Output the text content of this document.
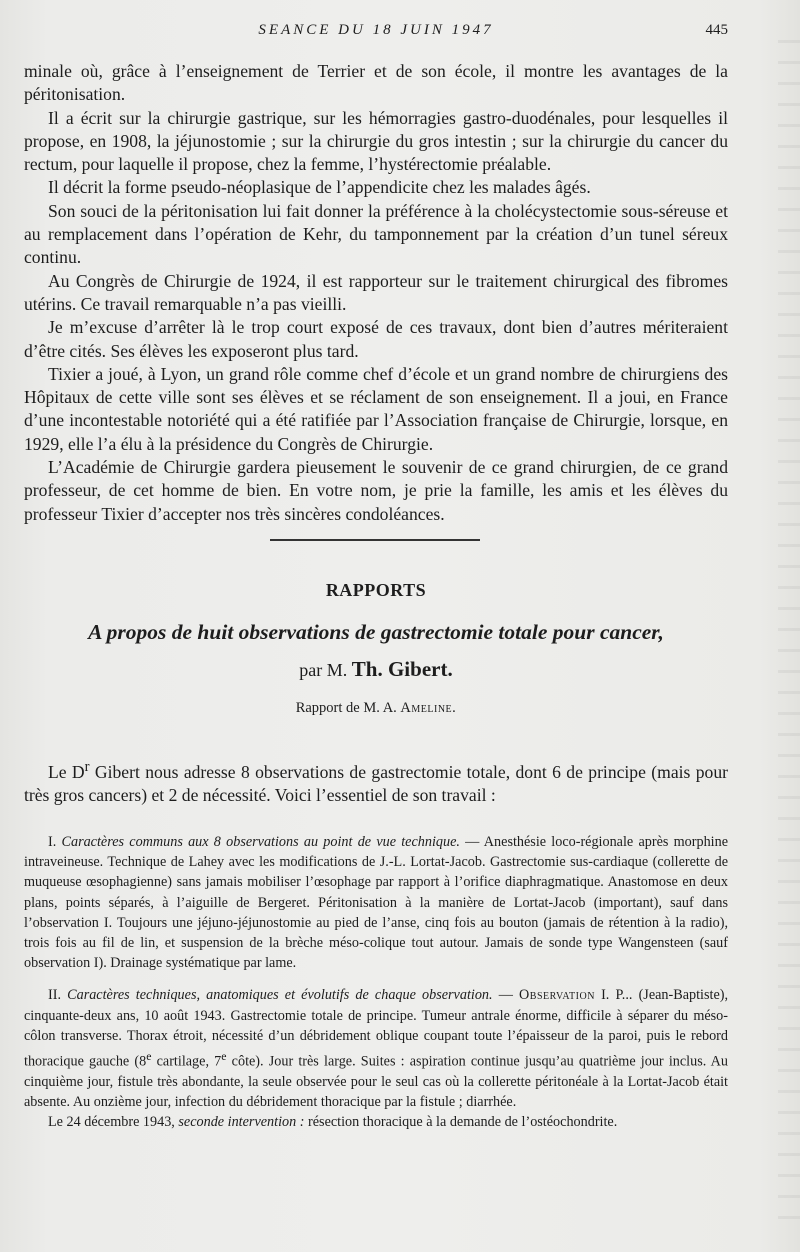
SEANCE DU 18 JUIN 1947	445

minale où, grâce à l’enseignement de Terrier et de son école, il montre les avantages de la péritonisation.

Il a écrit sur la chirurgie gastrique, sur les hémorragies gastro-duodénales, pour lesquelles il propose, en 1908, la jéjunostomie ; sur la chirurgie du gros intestin ; sur la chirurgie du cancer du rectum, pour laquelle il propose, chez la femme, l’hystérectomie préalable.

Il décrit la forme pseudo-néoplasique de l’appendicite chez les malades âgés.

Son souci de la péritonisation lui fait donner la préférence à la cholécystectomie sous-séreuse et au remplacement dans l’opération de Kehr, du tamponnement par la création d’un tunel séreux continu.

Au Congrès de Chirurgie de 1924, il est rapporteur sur le traitement chirurgical des fibromes utérins. Ce travail remarquable n’a pas vieilli.

Je m’excuse d’arrêter là le trop court exposé de ces travaux, dont bien d’autres mériteraient d’être cités. Ses élèves les exposeront plus tard.

Tixier a joué, à Lyon, un grand rôle comme chef d’école et un grand nombre de chirurgiens des Hôpitaux de cette ville sont ses élèves et se réclament de son enseignement. Il a joui, en France d’une incontestable notoriété qui a été ratifiée par l’Association française de Chirurgie, lorsque, en 1929, elle l’a élu à la présidence du Congrès de Chirurgie.

L’Académie de Chirurgie gardera pieusement le souvenir de ce grand chirurgien, de ce grand professeur, de cet homme de bien. En votre nom, je prie la famille, les amis et les élèves du professeur Tixier d’accepter nos très sincères condoléances.

RAPPORTS
A propos de huit observations de gastrectomie totale pour cancer,
par M. Th. Gibert.
Rapport de M. A. Ameline.

Le $D^r$ Gibert nous adresse 8 observations de gastrectomie totale, dont 6 de principe (mais pour très gros cancers) et 2 de nécessité. Voici l’essentiel de son travail :

I. Caractères communs aux 8 observations au point de vue technique. — Anesthésie loco-régionale après morphine intraveineuse. Technique de Lahey avec les modifications de J.-L. Lortat-Jacob. Gastrectomie sus-cardiaque (collerette de muqueuse œsophagienne) sans jamais mobiliser l’œsophage par rapport à l’orifice diaphragmatique. Anastomose en deux plans, points séparés, à l’aiguille de Bergeret. Péritonisation à la manière de Lortat-Jacob (important), sauf dans l’observation I. Toujours une jéjuno-jéjunostomie au pied de l’anse, cinq fois au bouton (jamais de rétention à la radio), trois fois au fil de lin, et suspension de la brèche méso-colique tout autour. Jamais de sonde type Wangensteen (sauf observation I). Drainage systématique par lame.

II. Caractères techniques, anatomiques et évolutifs de chaque observation. — Observation I. P... (Jean-Baptiste), cinquante-deux ans, 10 août 1943. Gastrectomie totale de principe. Tumeur antrale énorme, difficile à séparer du méso-côlon transverse. Thorax étroit, nécessité d’un débridement oblique coupant toute l’épaisseur de la paroi, puis le rebord thoracique gauche (8e cartilage, 7e côte). Jour très large. Suites : aspiration continue jusqu’au quatrième jour inclus. Au cinquième jour, fistule très abondante, la seule observée pour le seul cas où la collerette péritonéale à la Lortat-Jacob était absente. Au onzième jour, infection du débridement thoracique par la fistule ; diarrhée.

Le 24 décembre 1943, seconde intervention : résection thoracique à la demande de l’ostéochondrite.
